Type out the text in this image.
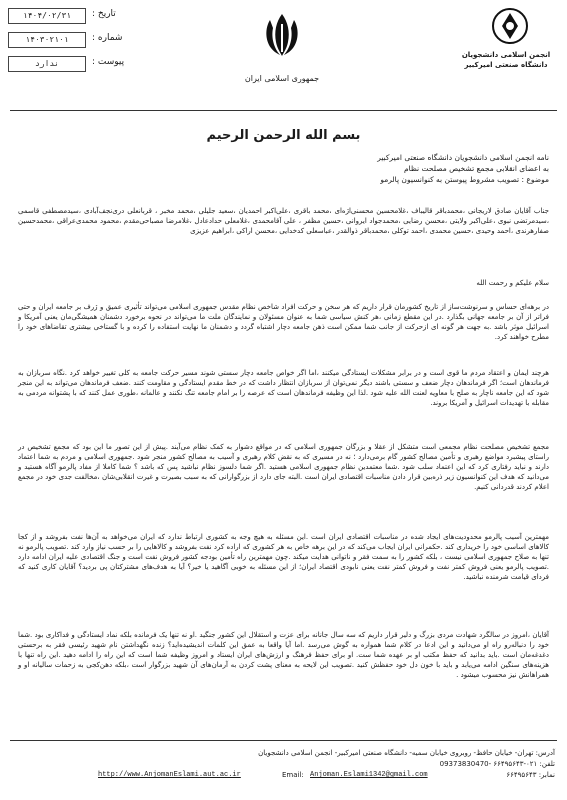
۱۴۰۴/۰۲/۳۱	تاریخ :
۱۴۰۳۰۲۱۰۱	شماره :
ندارد	پیوست :
جمهوری اسلامی ایران
انجمن اسلامی دانشجویان
دانشگاه صنعتی امیرکبیر
بسم الله الرحمن الرحیم
نامه انجمن اسلامی دانشجویان دانشگاه صنعتی امیرکبیر
به اعضای انقلابی مجمع تشخیص مصلحت نظام
موضوع : تصویب مشروط پیوستن به کنوانسیون پالرمو
جناب آقایان صادق لاریجانی ،محمدباقر قالیباف ،غلامحسین محسنی‌اژه‌ای ،محمد باقری ،علی‌اکبر احمدیان ،سعید جلیلی ،محمد مخبر ، قربانعلی دری‌نجف‌آبادی ،سیدمصطفی قاسمی ،سیدمرتضی نبوی ،علی‌اکبر ولایتی ،محسن رضایی ،محمدجواد ایروانی ،حسین مظفر ، علی آقامحمدی ،غلامعلی حدادعادل ،غلامرضا مصباحی‌مقدم ،محمود محمدی‌عراقی ،محمدحسین صفارهرندی ،احمد وحیدی ،حسین محمدی ،احمد توکلی ،محمدباقر ذوالقدر ،عباسعلی کدخدایی ،محسن اراکی ،ابراهیم عزیزی
سلام علیکم و رحمت الله
در برهه‌ای حساس و سرنوشت‌ساز از تاریخ کشورمان قرار داریم که هر سخن و حرکت افراد شاخص نظام مقدس جمهوری اسلامی می‌تواند تأثیری عمیق و ژرف بر جامعه ایران و حتی فراتر از آن بر جامعه جهانی بگذارد .در این مقطع زمانی ،هر کنش سیاسی شما به عنوان مسئولان و نمایندگان ملت ما می‌تواند در نحوه برخورد دشمنان همیشگی‌مان یعنی آمریکا و اسرائیل موثر باشد .به جهت هر گونه ای ازحرکت از جانب شما ممکن است ذهن جامعه دچار اشتباه گردد و دشمنان ما نهایت استفاده را کرده و با گستاخی بیشتری تقاضاهای خود را مطرح خواهند کرد.
هرچند ایمان و اعتقاد مردم ما قوی است و در برابر مشکلات ایستادگی میکنند ،اما اگر خواص جامعه دچار سستی شوند مسیر حرکت جامعه به کلی تغییر خواهد کرد .نگاه سربازان به فرماندهان است؛ اگر فرماندهان دچار ضعف و سستی باشند دیگر نمی‌توان از سربازان انتظار داشت که در خط مقدم ایستادگی و مقاومت کنند .ضعف فرماندهان می‌تواند به این منجر شود که این جامعه ناچار به صلح با معاویه لعنت الله علیه شود .لذا این وظیفه فرماندهان است که عرصه را بر امام جامعه تنگ نکنند و عالمانه ،طوری عمل کنند که با پشتوانه مردمی به مقابله با تهدیدات اسرائیل و آمریکا بروند.
مجمع تشخیص مصلحت نظام مجمعی است متشکل از عقلا و بزرگان جمهوری اسلامی که در مواقع دشوار به کمک نظام می‌آیند .پیش از این تصور ما این بود که مجمع تشخیص در راستای پیشبرد مواضع رهبری و تأمین مصالح کشور گام برمی‌دارد ؛ نه در مسیری که به نقض کلام رهبری و آسیب به مصالح کشور منجر شود .جمهوری اسلامی و مردم به شما اعتماد دارند و نباید رفتاری کرد که این اعتماد سلب شود .شما معتمدین نظام جمهوری اسلامی هستید .اگر شما دلسوز نظام نباشید پس که باشد ؟ شما کاملا از مفاد پالرمو آگاه هستید و می‌دانید که هدف این کنوانسیون زیر ذره‌بین قرار دادن مناسبات اقتصادی ایران است .البته جای دارد از بزرگوارانی که به سبب بصیرت و غیرت انقلابی‌شان ،مخالفت جدی خود در مجمع اعلام کردند قدردانی کنیم.
مهمترین آسیب پالرمو محدودیت‌های ایجاد شده در مناسبات اقتصادی ایران است .این مسئله به هیچ وجه به کشوری ارتباط ندارد که ایران می‌خواهد به آن‌ها نفت بفروشد و از کجا کالاهای اساسی خود را خریداری کند .حکمرانی ایران ایجاب می‌کند که در این برهه خاص به هر کشوری که اراده کرد نفت بفروشد و کالاهایی را بر حسب نیاز وارد کند .تصویب پالرمو نه تنها به صلاح جمهوری اسلامی نیست ، بلکه کشور را به سمت فقر و ناتوانی هدایت میکند .چون مهمترین راه تأمین بودجه کشور فروش نفت است و جنگ اقتصادی علیه ایران ادامه دارد .تصویب پالرمو یعنی فروش کمتر نفت و فروش کمتر نفت یعنی نابودی اقتصاد ایران؛ از این مسئله به خوبی آگاهید یا خیر؟ آیا به هدف‌های مشترکتان پی بردید؟ آقایان کاری کنید که فردای قیامت شرمنده نباشید.
آقایان ،امروز در سالگرد شهادت مردی بزرگ و دلیر قرار داریم که سه سال جانانه برای عزت و استقلال این کشور جنگید .او نه تنها یک فرمانده بلکه نماد ایستادگی و فداکاری بود .شما خود را دنباله‌رو راه او می‌دانید و این ادعا در کلام شما همواره به گوش می‌رسد .اما آیا واقعا به عمق این کلمات اندیشیده‌اید؟ زنده نگهداشتن نام شهید رئیسی فقر به برحستی دغدغه‌مان است .باید بدانید که حفظ مکتب او بر عهده شما ست. او برای حفظ فرهنگ و ارزش‌های ایران ایستاد و امروز وظیفه شما است که این راه را ادامه دهید .این راه تنها با هزینه‌های سنگین ادامه می‌یابد و باید با خون دل خود حفظش کنید .تصویب این لایحه به معنای پشت کردن به آرمان‌های آن شهید بزرگوار است ،بلکه دهن‌کجی به زحمات سالیانه او و همراهانش نیز محسوب میشود .
آدرس: تهران- خیابان حافظ- روبروی خیابان سمیه- دانشگاه صنعتی امیرکبیر- انجمن اسلامی دانشجویان
تلفن: ۰۲۱-۶۶۴۹۵۶۴۳ -09373830470
http://www.AnjomanEslami.aut.ac.ir	Email: Anjoman.Eslami1342@gmail.com	نمابر: ۶۶۴۹۵۶۴۳
